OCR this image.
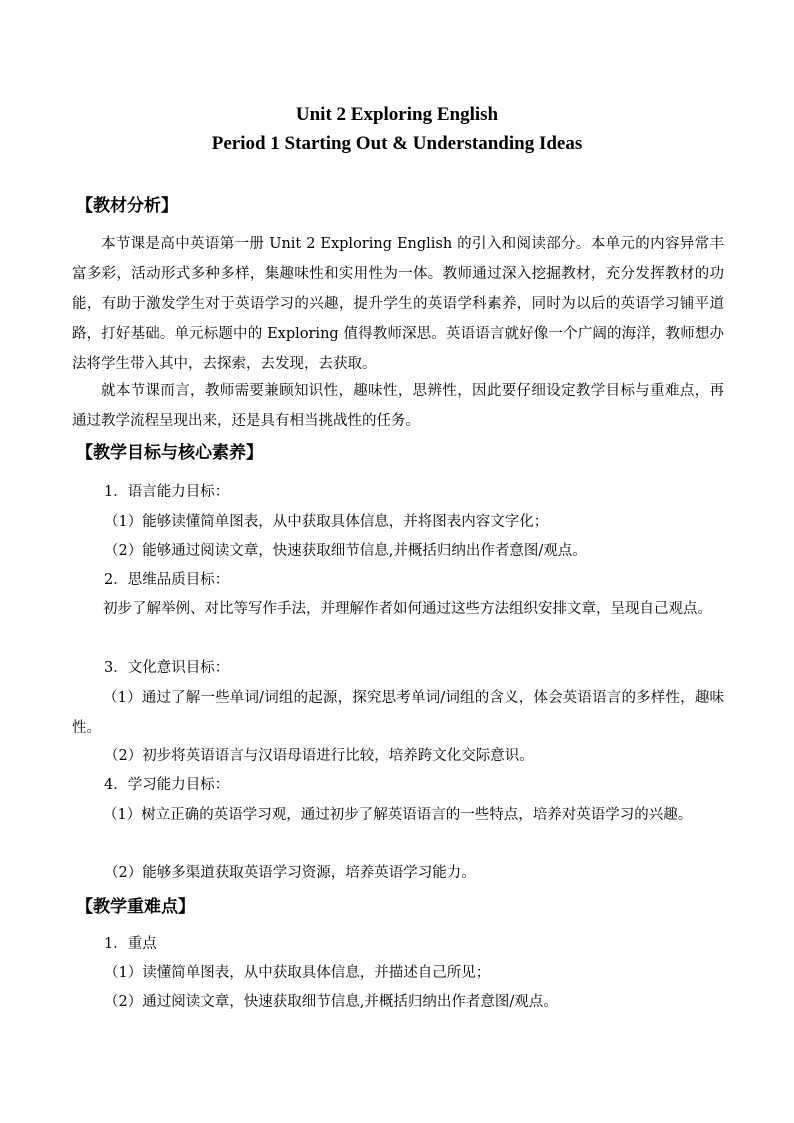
Unit 2 Exploring English
Period 1 Starting Out & Understanding Ideas
【教材分析】
本节课是高中英语第一册 Unit 2 Exploring English 的引入和阅读部分。本单元的内容异常丰富多彩，活动形式多种多样，集趣味性和实用性为一体。教师通过深入挖掘教材，充分发挥教材的功能，有助于激发学生对于英语学习的兴趣，提升学生的英语学科素养，同时为以后的英语学习铺平道路，打好基础。单元标题中的 Exploring 值得教师深思。英语语言就好像一个广阔的海洋，教师想办法将学生带入其中，去探索，去发现，去获取。
就本节课而言，教师需要兼顾知识性，趣味性，思辨性，因此要仔细设定教学目标与重难点，再通过教学流程呈现出来，还是具有相当挑战性的任务。
【教学目标与核心素养】
1．语言能力目标：
（1）能够读懂简单图表，从中获取具体信息，并将图表内容文字化；
（2）能够通过阅读文章，快速获取细节信息,并概括归纳出作者意图/观点。
2．思维品质目标：
初步了解举例、对比等写作手法，并理解作者如何通过这些方法组织安排文章，呈现自己观点。
3．文化意识目标：
（1）通过了解一些单词/词组的起源，探究思考单词/词组的含义，体会英语语言的多样性，趣味性。
（2）初步将英语语言与汉语母语进行比较，培养跨文化交际意识。
4．学习能力目标：
（1）树立正确的英语学习观，通过初步了解英语语言的一些特点，培养对英语学习的兴趣。
（2）能够多渠道获取英语学习资源，培养英语学习能力。
【教学重难点】
1．重点
（1）读懂简单图表，从中获取具体信息，并描述自己所见；
（2）通过阅读文章，快速获取细节信息,并概括归纳出作者意图/观点。
